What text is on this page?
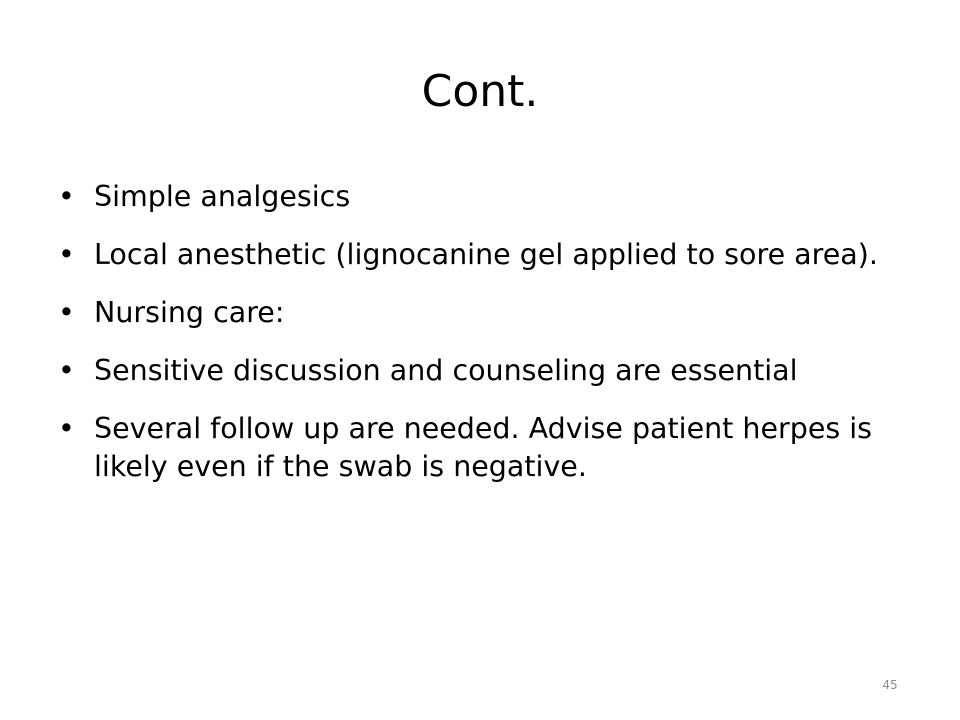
Cont.
• Simple analgesics
• Local anesthetic (lignocanine gel applied to sore area).
• Nursing care:
• Sensitive discussion and counseling are essential
• Several follow up are needed. Advise patient herpes is likely even if the swab is negative.
45
